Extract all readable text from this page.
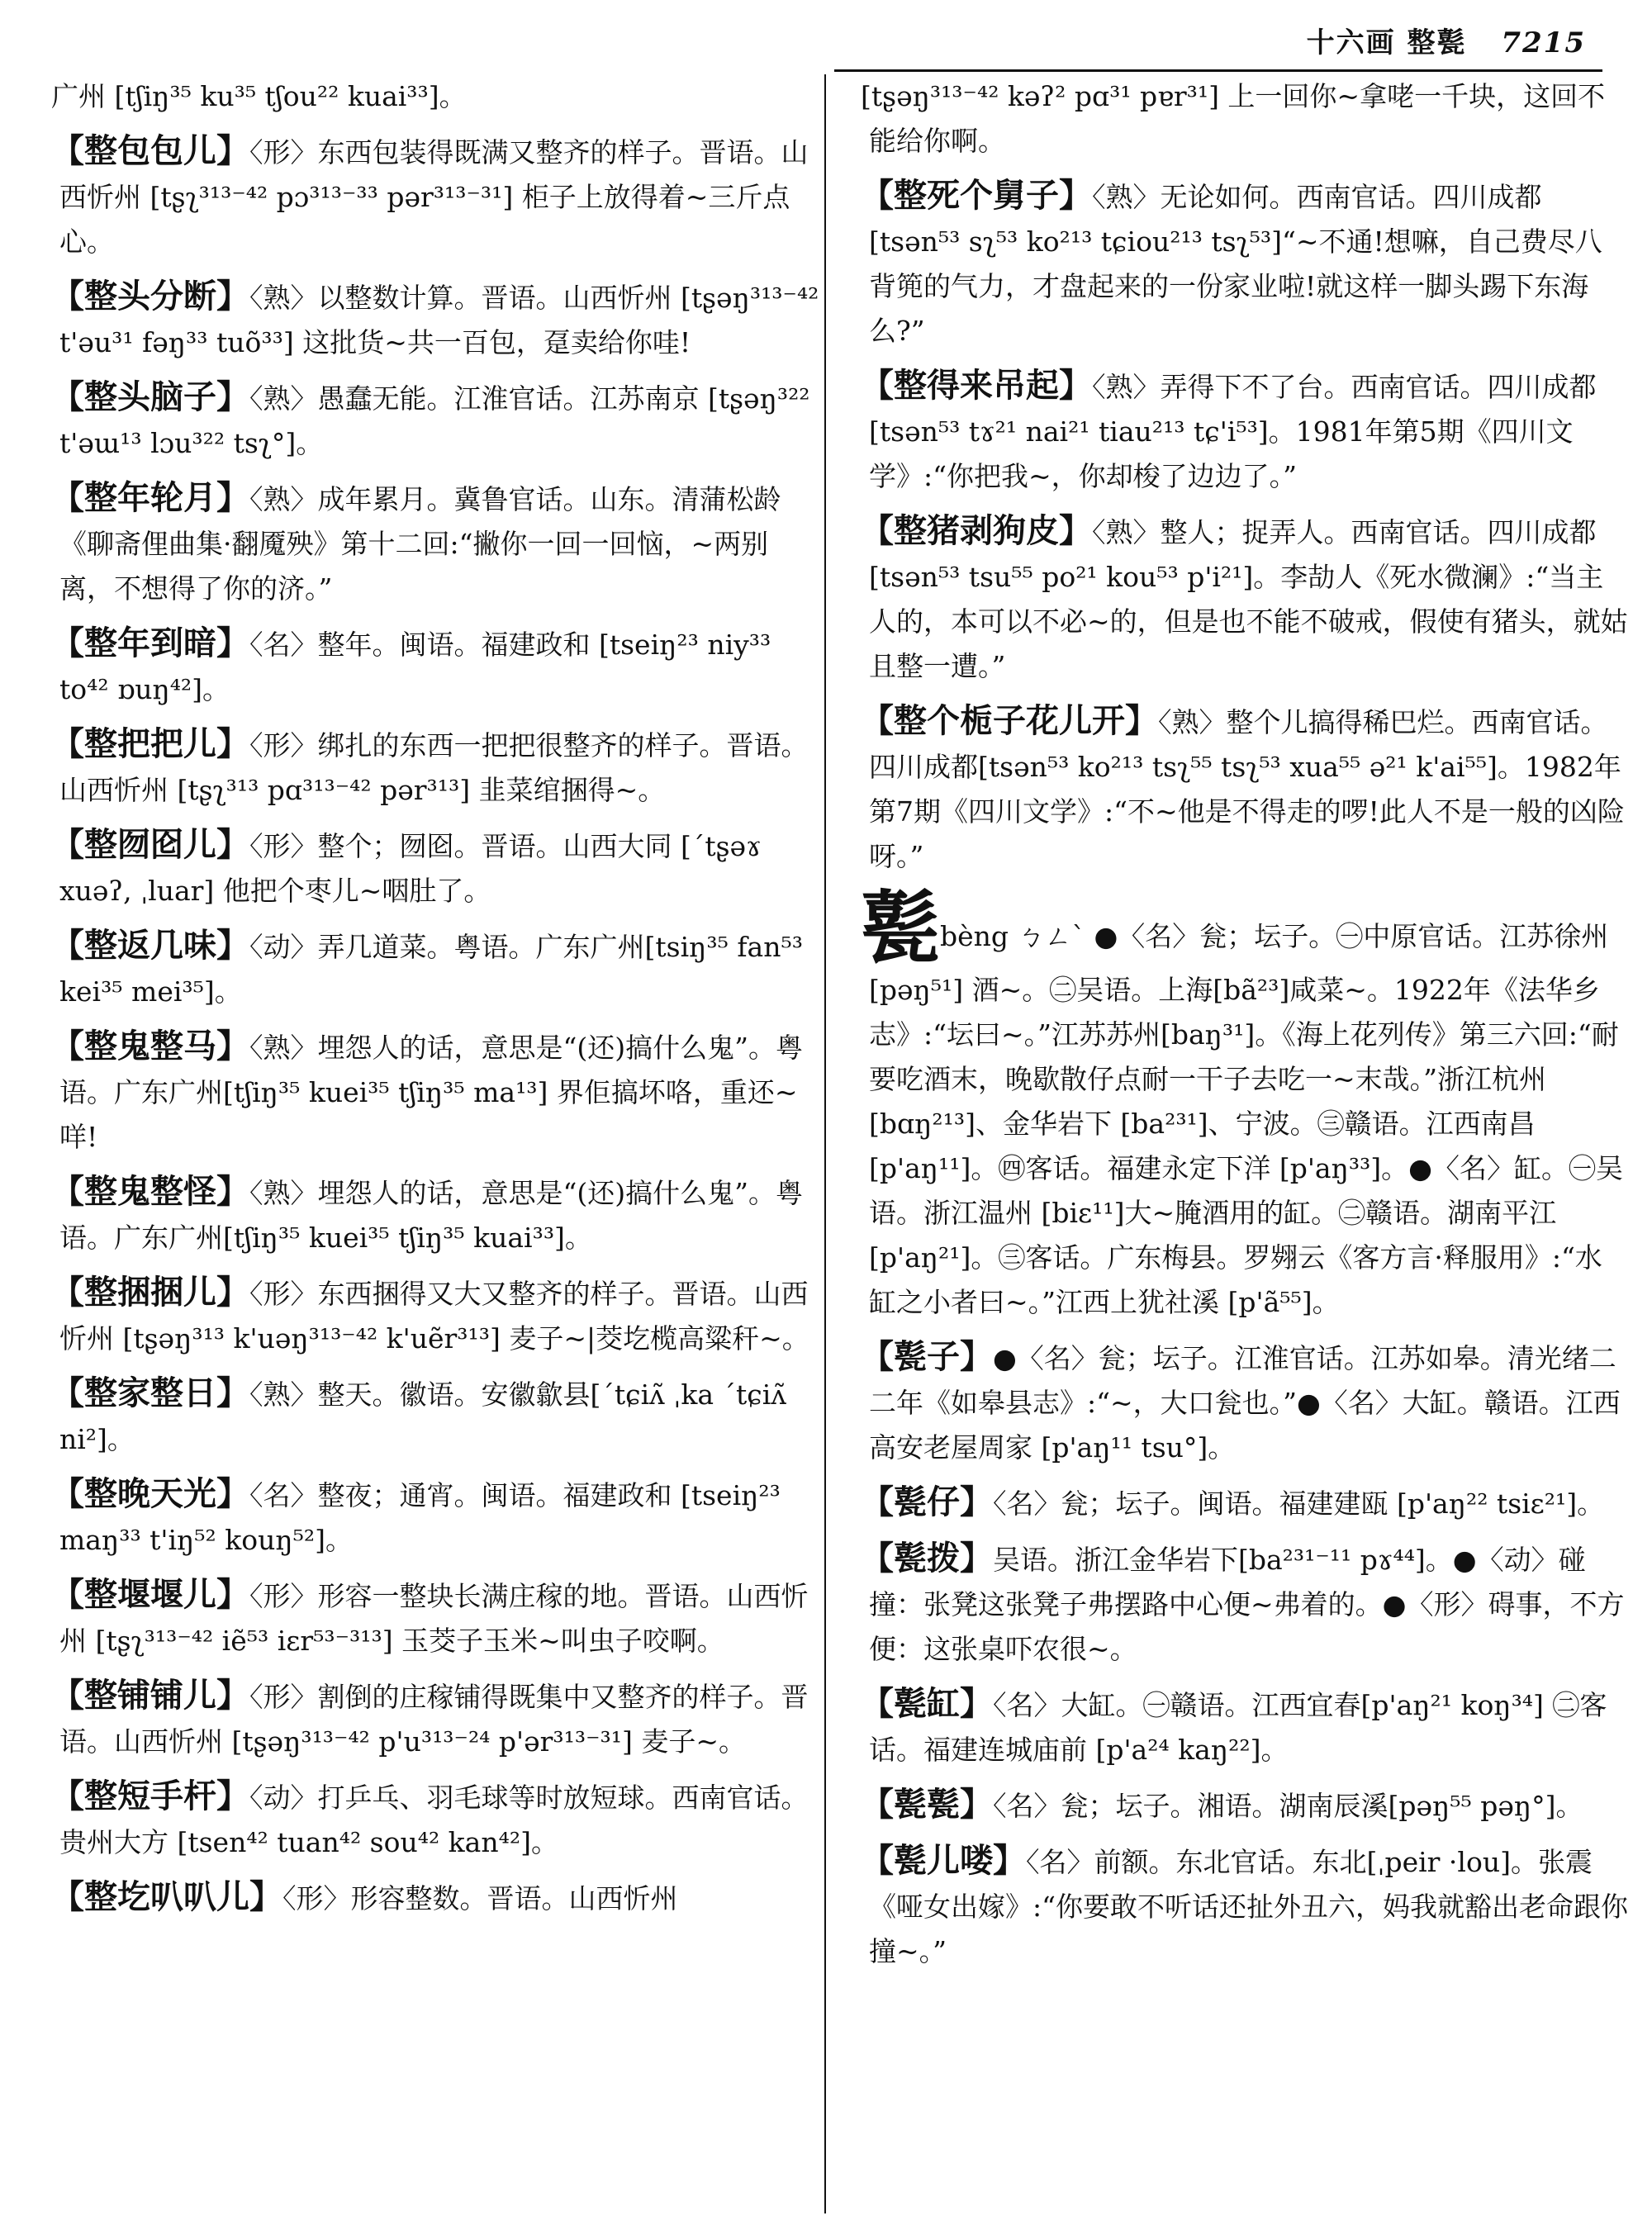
十六画 整甏 7215

广州 [tʃiŋ³⁵ ku³⁵ tʃou²² kuai³³]。

【整包包儿】〈形〉东西包装得既满又整齐的样子。晋语。山西忻州 [tʂʅ³¹³⁻⁴² pɔ³¹³⁻³³ pər³¹³⁻³¹] 柜子上放得着~三斤点心。

【整头分断】〈熟〉以整数计算。晋语。山西忻州 [tʂəŋ³¹³⁻⁴² t'əu³¹ fəŋ³³ tuõ³³] 这批货~共一百包，趸卖给你哇!

【整头脑子】〈熟〉愚蠢无能。江淮官话。江苏南京 [tʂəŋ³²² t'əɯ¹³ lɔu³²² tsʅ°]。

【整年轮月】〈熟〉成年累月。冀鲁官话。山东。清蒲松龄《聊斋俚曲集·翻魇殃》第十二回:“撇你一回一回恼，~两别离，不想得了你的济。”

【整年到暗】〈名〉整年。闽语。福建政和 [tseiŋ²³ niy³³ to⁴² ɒuŋ⁴²]。

【整把把儿】〈形〉绑扎的东西一把把很整齐的样子。晋语。山西忻州 [tʂʅ³¹³ pɑ³¹³⁻⁴² pər³¹³] 韭菜绾捆得~。

【整囫囵儿】〈形〉整个；囫囵。晋语。山西大同 [ˊtʂəɤ xuəʔ, ˌluar] 他把个枣儿~咽肚了。

【整返几味】〈动〉弄几道菜。粤语。广东广州[tsiŋ³⁵ fan⁵³ kei³⁵ mei³⁵]。

【整鬼整马】〈熟〉埋怨人的话，意思是“(还)搞什么鬼”。粤语。广东广州[tʃiŋ³⁵ kuei³⁵ tʃiŋ³⁵ ma¹³] 界佢搞坏咯，重还~咩!

【整鬼整怪】〈熟〉埋怨人的话，意思是“(还)搞什么鬼”。粤语。广东广州[tʃiŋ³⁵ kuei³⁵ tʃiŋ³⁵ kuai³³]。

【整捆捆儿】〈形〉东西捆得又大又整齐的样子。晋语。山西忻州 [tʂəŋ³¹³ k'uəŋ³¹³⁻⁴² k'uẽr³¹³] 麦子~|茭圪榄高粱秆~。

【整家整日】〈熟〉整天。徽语。安徽歙县[ˊtɕiʌ̃ ˌka ˊtɕiʌ̃ ni²]。

【整晚天光】〈名〉整夜；通宵。闽语。福建政和 [tseiŋ²³ maŋ³³ t'iŋ⁵² kouŋ⁵²]。

【整堰堰儿】〈形〉形容一整块长满庄稼的地。晋语。山西忻州 [tʂʅ³¹³⁻⁴² iẽ⁵³ iɛr⁵³⁻³¹³] 玉茭子玉米~叫虫子咬啊。

【整铺铺儿】〈形〉割倒的庄稼铺得既集中又整齐的样子。晋语。山西忻州 [tʂəŋ³¹³⁻⁴² p'u³¹³⁻²⁴ p'ər³¹³⁻³¹] 麦子~。

【整短手杆】〈动〉打乒乓、羽毛球等时放短球。西南官话。贵州大方 [tsen⁴² tuan⁴² sou⁴² kan⁴²]。

【整圪叭叭儿】〈形〉形容整数。晋语。山西忻州

[tʂəŋ³¹³⁻⁴² kəʔ² pɑ³¹ pɐr³¹] 上一回你~拿咾一千块，这回不能给你啊。

【整死个舅子】〈熟〉无论如何。西南官话。四川成都 [tsən⁵³ sʅ⁵³ ko²¹³ tɕiou²¹³ tsʅ⁵³]“~不通!想嘛，自己费尽八背篼的气力，才盘起来的一份家业啦!就这样一脚头踢下东海么?”

【整得来吊起】〈熟〉弄得下不了台。西南官话。四川成都[tsən⁵³ tɤ²¹ nai²¹ tiau²¹³ tɕ'i⁵³]。1981年第5期《四川文学》:“你把我~，你却梭了边边了。”

【整猪剥狗皮】〈熟〉整人；捉弄人。西南官话。四川成都 [tsən⁵³ tsu⁵⁵ po²¹ kou⁵³ p'i²¹]。李劼人《死水微澜》:“当主人的，本可以不必~的，但是也不能不破戒，假使有猪头，就姑且整一遭。”

【整个栀子花儿开】〈熟〉整个儿搞得稀巴烂。西南官话。四川成都[tsən⁵³ ko²¹³ tsʅ⁵⁵ tsʅ⁵³ xua⁵⁵ ə²¹ k'ai⁵⁵]。1982年第7期《四川文学》:“不~他是不得走的啰!此人不是一般的凶险呀。”

甏bèng ㄅㄥˋ ●〈名〉瓮；坛子。㊀中原官话。江苏徐州 [pəŋ⁵¹] 酒~。㊁吴语。上海[bã²³]咸菜~。1922年《法华乡志》:“坛曰~。”江苏苏州[baŋ³¹]。《海上花列传》第三六回:“耐要吃酒末，晚歇散仔点耐一干子去吃一~末哉。”浙江杭州[bɑŋ²¹³]、金华岩下 [ba²³¹]、宁波。㊂赣语。江西南昌 [p'aŋ¹¹]。㊃客话。福建永定下洋 [p'aŋ³³]。●〈名〉缸。㊀吴语。浙江温州 [biɛ¹¹]大~腌酒用的缸。㊁赣语。湖南平江 [p'aŋ²¹]。㊂客话。广东梅县。罗翙云《客方言·释服用》:“水缸之小者曰~。”江西上犹社溪 [p'ã⁵⁵]。

【甏子】●〈名〉瓮；坛子。江淮官话。江苏如皋。清光绪二二年《如皋县志》:“~，大口瓮也。”●〈名〉大缸。赣语。江西高安老屋周家 [p'aŋ¹¹ tsu°]。

【甏仔】〈名〉瓮；坛子。闽语。福建建瓯 [p'aŋ²² tsiɛ²¹]。

【甏拨】吴语。浙江金华岩下[ba²³¹⁻¹¹ pɤ⁴⁴]。●〈动〉碰撞：张凳这张凳子弗摆路中心便~弗着的。●〈形〉碍事，不方便：这张桌吓农很~。

【甏缸】〈名〉大缸。㊀赣语。江西宜春[p'aŋ²¹ koŋ³⁴] ㊁客话。福建连城庙前 [p'a²⁴ kaŋ²²]。

【甏甏】〈名〉瓮；坛子。湘语。湖南辰溪[pəŋ⁵⁵ pəŋ°]。

【甏儿喽】〈名〉前额。东北官话。东北[ˌpeir ·lou]。张震《哑女出嫁》:“你要敢不听话还扯外丑六，妈我就豁出老命跟你撞~。”
